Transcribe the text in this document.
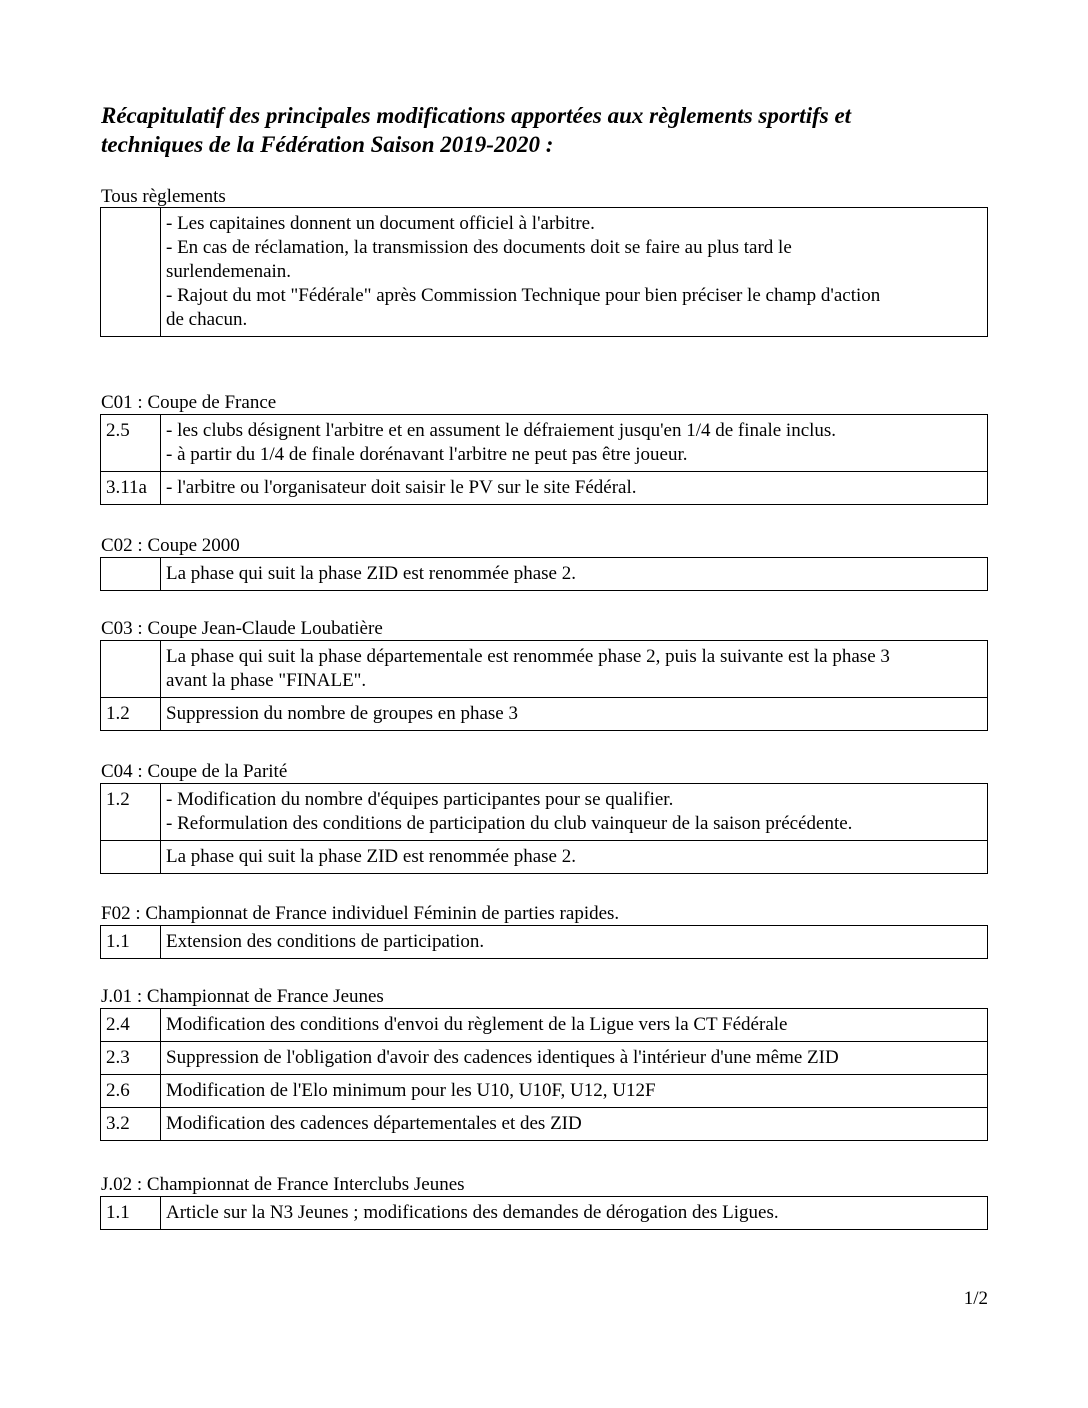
Récapitulatif des principales modifications apportées aux règlements sportifs et
techniques de la Fédération Saison 2019-2020 :
Tous règlements

- Les capitaines donnent un document officiel à l'arbitre.
- En cas de réclamation, la transmission des documents doit se faire au plus tard le
surlendemenain.
- Rajout du mot "Fédérale" après Commission Technique pour bien préciser le champ d'action
de chacun.
C01 : Coupe de France
2.5	- les clubs désignent l'arbitre et en assument le défraiement jusqu'en 1/4 de finale inclus.
- à partir du 1/4 de finale dorénavant l'arbitre ne peut pas être joueur.

3.11a	- l'arbitre ou l'organisateur doit saisir le PV sur le site Fédéral.
C02 : Coupe 2000

La phase qui suit la phase ZID est renommée phase 2.
C03 : Coupe Jean-Claude Loubatière

	La phase qui suit la phase départementale est renommée phase 2, puis la suivante est la phase 3
avant la phase "FINALE".

1.2	Suppression du nombre de groupes en phase 3
C04 : Coupe de la Parité
1.2	- Modification du nombre d'équipes participantes pour se qualifier.
- Reformulation des conditions de participation du club vainqueur de la saison précédente.

	La phase qui suit la phase ZID est renommée phase 2.
F02 : Championnat de France individuel Féminin de parties rapides.
1.1	Extension des conditions de participation.
J.01 : Championnat de France Jeunes
2.4	Modification des conditions d'envoi du règlement de la Ligue vers la CT Fédérale

2.3	Suppression de l'obligation d'avoir des cadences identiques à l'intérieur d'une même ZID

2.6	Modification de l'Elo minimum pour les U10, U10F, U12, U12F

3.2	Modification des cadences départementales et des ZID
J.02 : Championnat de France Interclubs Jeunes
1.1	Article sur la N3 Jeunes ; modifications des demandes de dérogation des Ligues.
1/2
